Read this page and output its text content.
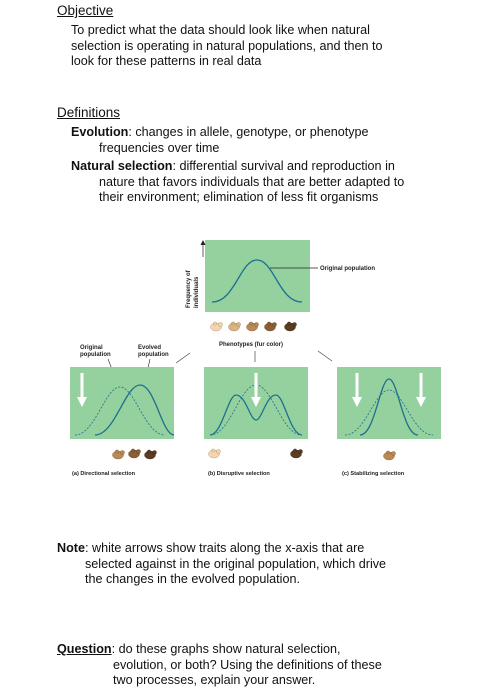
Objective
To predict what the data should look like when natural
selection is operating in natural populations, and then to
look for these patterns in real data
Definitions
Evolution: changes in allele, genotype, or phenotype
frequencies over time
Natural selection: differential survival and reproduction in
nature that favors individuals that are better adapted to
their environment; elimination of less fit organisms
Original population
Frequency of individuals
Phenotypes (fur color)
Original
population
Evolved
population
(a) Directional selection	(b) Disruptive selection	(c) Stabilizing selection
Note: white arrows show traits along the x-axis that are
selected against in the original population, which drive
the changes in the evolved population.
Question: do these graphs show natural selection,
evolution, or both? Using the definitions of these
two processes, explain your answer.
